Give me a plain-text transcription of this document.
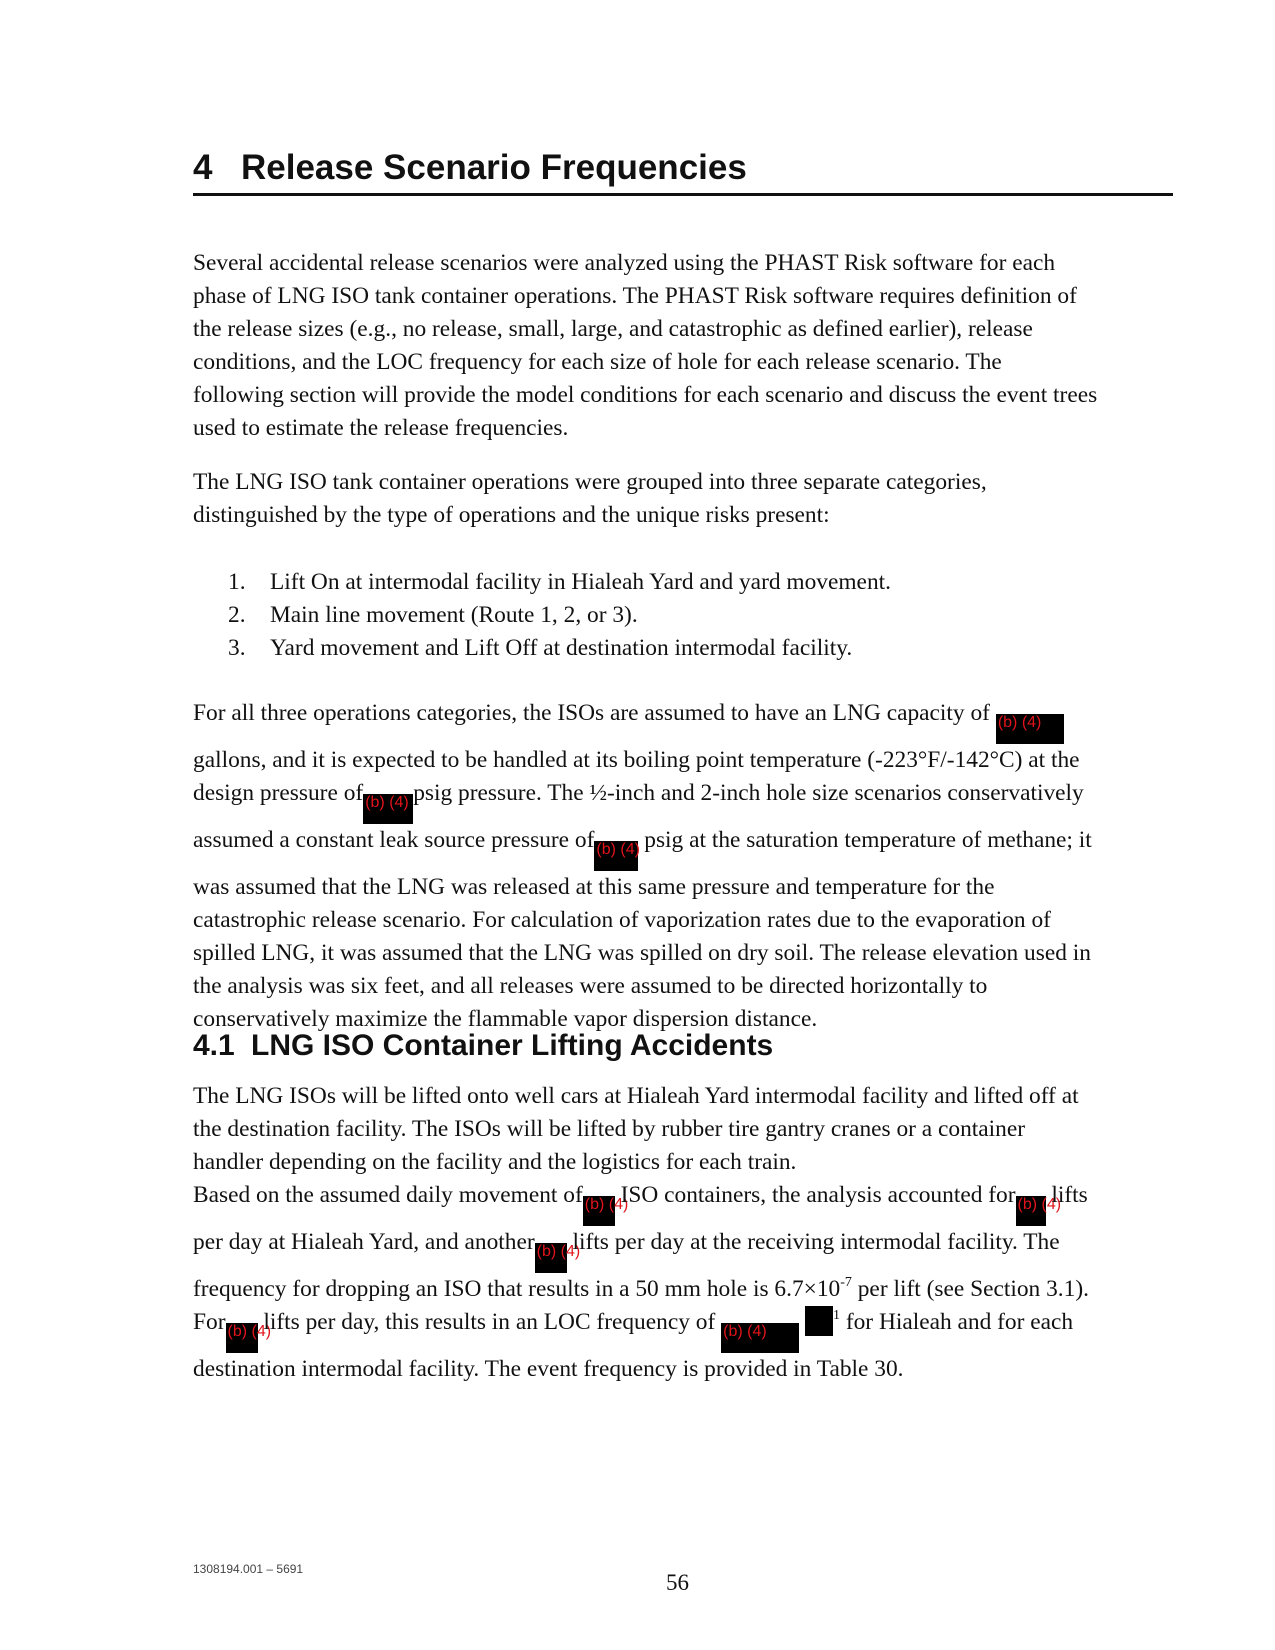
4 Release Scenario Frequencies
Several accidental release scenarios were analyzed using the PHAST Risk software for each
phase of LNG ISO tank container operations. The PHAST Risk software requires definition of
the release sizes (e.g., no release, small, large, and catastrophic as defined earlier), release
conditions, and the LOC frequency for each size of hole for each release scenario. The
following section will provide the model conditions for each scenario and discuss the event trees
used to estimate the release frequencies.
The LNG ISO tank container operations were grouped into three separate categories,
distinguished by the type of operations and the unique risks present:
1. Lift On at intermodal facility in Hialeah Yard and yard movement.
2. Main line movement (Route 1, 2, or 3).
3. Yard movement and Lift Off at destination intermodal facility.
For all three operations categories, the ISOs are assumed to have an LNG capacity of (b) (4)
gallons, and it is expected to be handled at its boiling point temperature (-223°F/-142°C) at the
design pressure of (b) (4) psig pressure. The ½-inch and 2-inch hole size scenarios conservatively
assumed a constant leak source pressure of (b) (4) psig at the saturation temperature of methane; it
was assumed that the LNG was released at this same pressure and temperature for the
catastrophic release scenario. For calculation of vaporization rates due to the evaporation of
spilled LNG, it was assumed that the LNG was spilled on dry soil. The release elevation used in
the analysis was six feet, and all releases were assumed to be directed horizontally to
conservatively maximize the flammable vapor dispersion distance.
4.1 LNG ISO Container Lifting Accidents
The LNG ISOs will be lifted onto well cars at Hialeah Yard intermodal facility and lifted off at
the destination facility. The ISOs will be lifted by rubber tire gantry cranes or a container
handler depending on the facility and the logistics for each train.
Based on the assumed daily movement of (b) (4) ISO containers, the analysis accounted for (b) (4) lifts
per day at Hialeah Yard, and another (b) (4) lifts per day at the receiving intermodal facility. The
frequency for dropping an ISO that results in a 50 mm hole is $6.7\times 10^{-7}$ per lift (see Section 3.1).
For (b) (4) lifts per day, this results in an LOC frequency of (b) (4) $^1$ for Hialeah and for each
destination intermodal facility. The event frequency is provided in Table 30.
1308194.001 – 5691
56
